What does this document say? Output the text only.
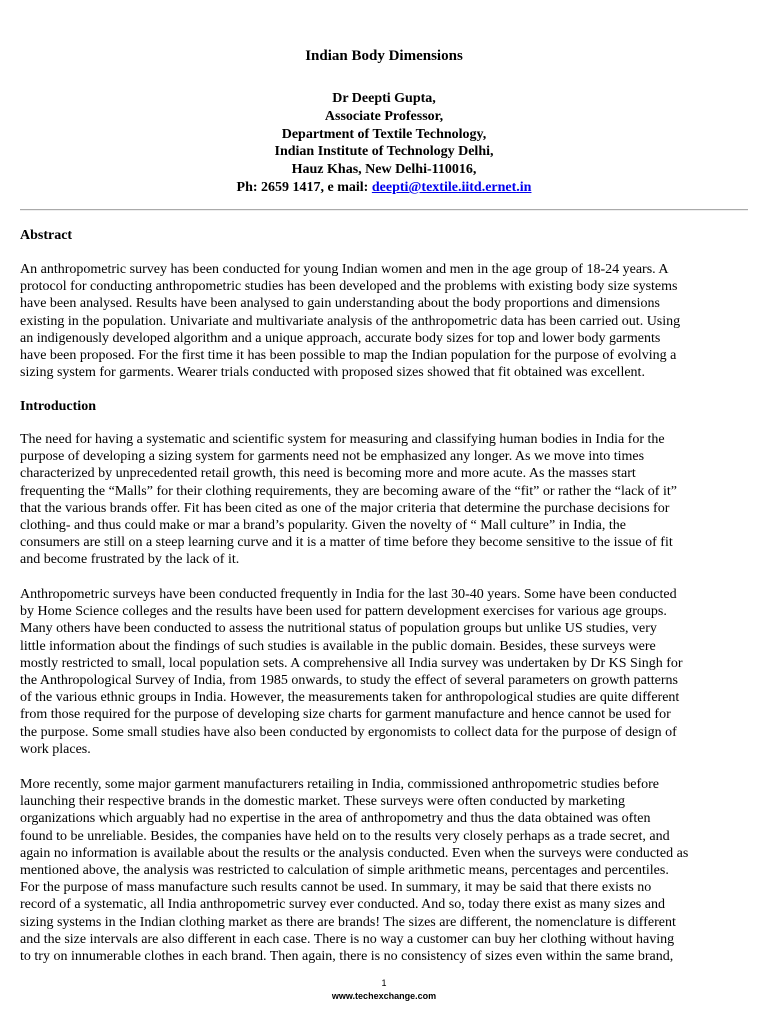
Indian Body Dimensions
Dr Deepti Gupta,
Associate Professor,
Department of Textile Technology,
Indian Institute of Technology Delhi,
Hauz Khas, New Delhi-110016,
Ph: 2659 1417, e mail: deepti@textile.iitd.ernet.in
Abstract
An anthropometric survey has been conducted for young Indian women and men in the age group of 18-24 years. A
protocol for conducting anthropometric studies has been developed and the problems with existing body size systems
have been analysed. Results have been analysed to gain understanding about the body proportions and dimensions
existing in the population. Univariate and multivariate analysis of the anthropometric data has been carried out. Using
an indigenously developed algorithm and a unique approach, accurate body sizes for top and lower body garments
have been proposed. For the first time it has been possible to map the Indian population for the purpose of evolving a
sizing system for garments. Wearer trials conducted with proposed sizes showed that fit obtained was excellent.
Introduction
The need for having a systematic and scientific system for measuring and classifying human bodies in India for the
purpose of developing a sizing system for garments need not be emphasized any longer. As we move into times
characterized by unprecedented retail growth, this need is becoming more and more acute. As the masses start
frequenting the “Malls” for their clothing requirements, they are becoming aware of the “fit” or rather the “lack of it”
that the various brands offer. Fit has been cited as one of the major criteria that determine the purchase decisions for
clothing- and thus could make or mar a brand’s popularity. Given the novelty of “ Mall culture” in India, the
consumers are still on a steep learning curve and it is a matter of time before they become sensitive to the issue of fit
and become frustrated by the lack of it.
Anthropometric surveys have been conducted frequently in India for the last 30-40 years. Some have been conducted
by Home Science colleges and the results have been used for pattern development exercises for various age groups.
Many others have been conducted to assess the nutritional status of population groups but unlike US studies, very
little information about the findings of such studies is available in the public domain. Besides, these surveys were
mostly restricted to small, local population sets. A comprehensive all India survey was undertaken by Dr KS Singh for
the Anthropological Survey of India, from 1985 onwards, to study the effect of several parameters on growth patterns
of the various ethnic groups in India. However, the measurements taken for anthropological studies are quite different
from those required for the purpose of developing size charts for garment manufacture and hence cannot be used for
the purpose. Some small studies have also been conducted by ergonomists to collect data for the purpose of design of
work places.
More recently, some major garment manufacturers retailing in India, commissioned anthropometric studies before
launching their respective brands in the domestic market. These surveys were often conducted by marketing
organizations which arguably had no expertise in the area of anthropometry and thus the data obtained was often
found to be unreliable. Besides, the companies have held on to the results very closely perhaps as a trade secret, and
again no information is available about the results or the analysis conducted. Even when the surveys were conducted as
mentioned above, the analysis was restricted to calculation of simple arithmetic means, percentages and percentiles.
For the purpose of mass manufacture such results cannot be used. In summary, it may be said that there exists no
record of a systematic, all India anthropometric survey ever conducted. And so, today there exist as many sizes and
sizing systems in the Indian clothing market as there are brands! The sizes are different, the nomenclature is different
and the size intervals are also different in each case. There is no way a customer can buy her clothing without having
to try on innumerable clothes in each brand. Then again, there is no consistency of sizes even within the same brand,
1
www.techexchange.com
